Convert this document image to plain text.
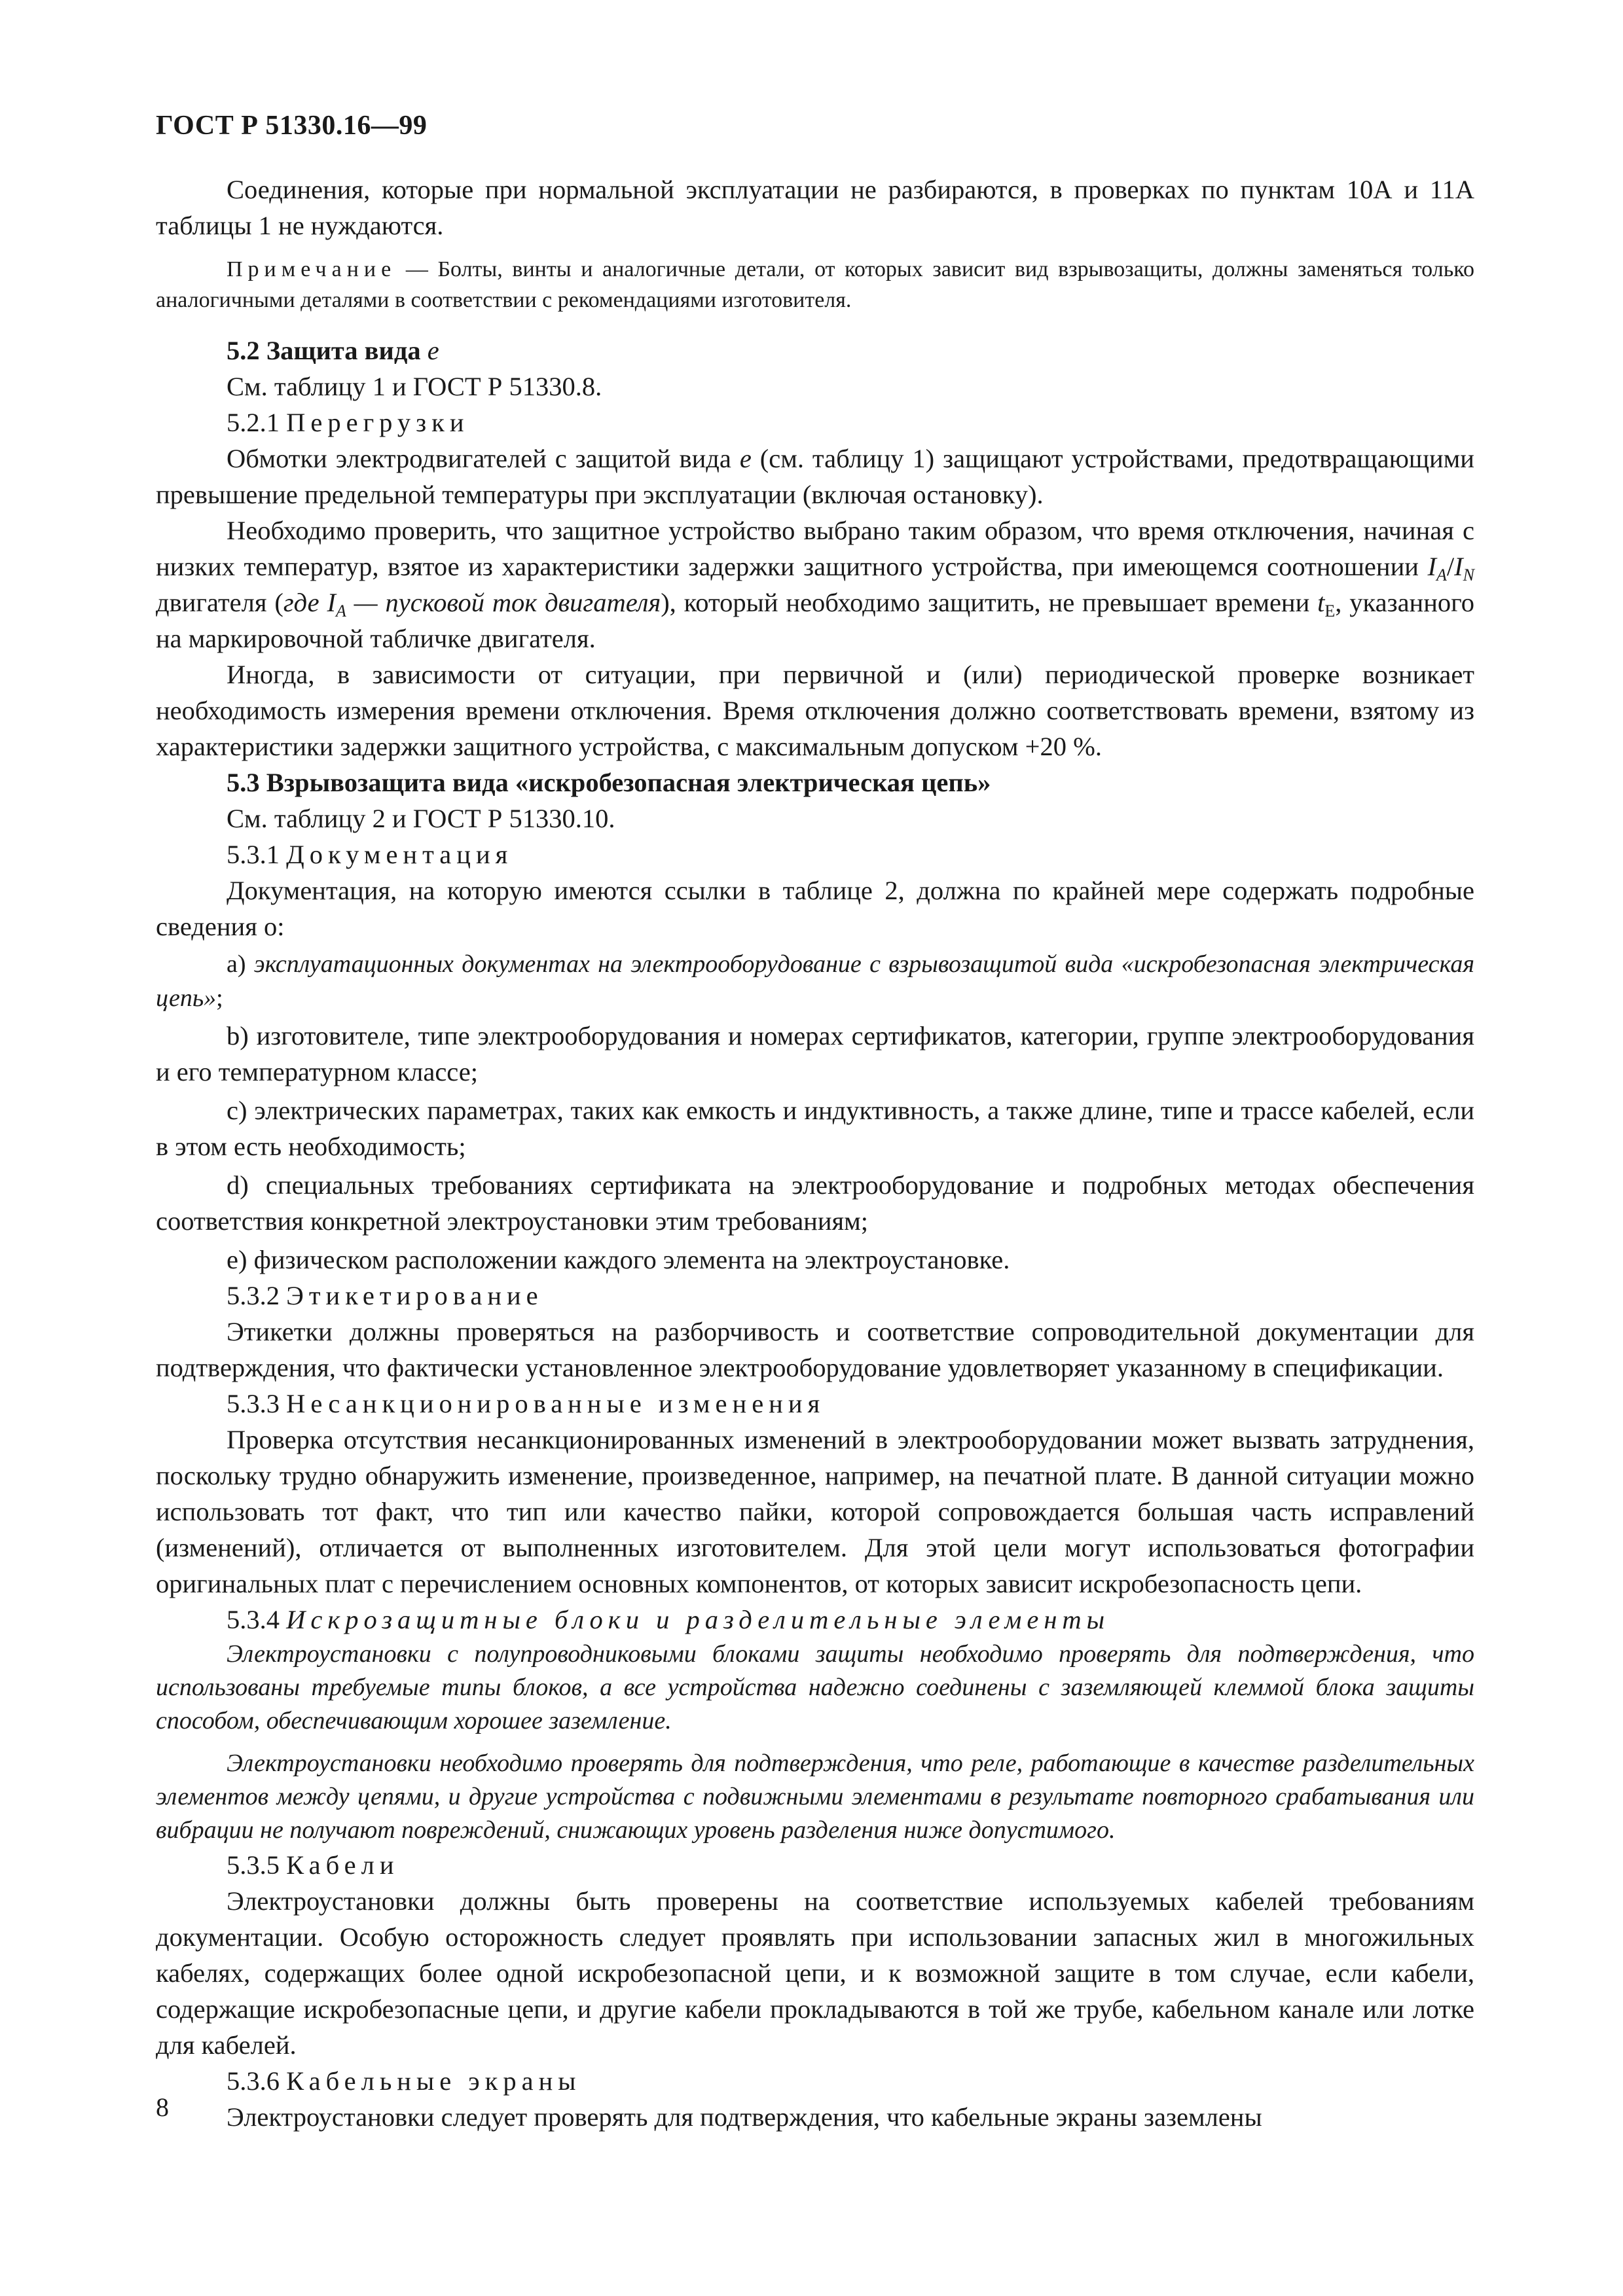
ГОСТ Р 51330.16—99

Соединения, которые при нормальной эксплуатации не разбираются, в проверках по пунктам 10А и 11А таблицы 1 не нуждаются.

Примечание — Болты, винты и аналогичные детали, от которых зависит вид взрывозащиты, должны заменяться только аналогичными деталями в соответствии с рекомендациями изготовителя.

5.2 Защита вида е

См. таблицу 1 и ГОСТ Р 51330.8.

5.2.1 Перегрузки

Обмотки электродвигателей с защитой вида е (см. таблицу 1) защищают устройствами, предотвращающими превышение предельной температуры при эксплуатации (включая остановку).

Необходимо проверить, что защитное устройство выбрано таким образом, что время отключения, начиная с низких температур, взятое из характеристики задержки защитного устройства, при имеющемся соотношении $I_A/I_N$ двигателя (где $I_A$ — пусковой ток двигателя), который необходимо защитить, не превышает времени $t_E$, указанного на маркировочной табличке двигателя.

Иногда, в зависимости от ситуации, при первичной и (или) периодической проверке возникает необходимость измерения времени отключения. Время отключения должно соответствовать времени, взятому из характеристики задержки защитного устройства, с максимальным допуском +20 %.

5.3 Взрывозащита вида «искробезопасная электрическая цепь»

См. таблицу 2 и ГОСТ Р 51330.10.

5.3.1 Документация

Документация, на которую имеются ссылки в таблице 2, должна по крайней мере содержать подробные сведения о:

а) эксплуатационных документах на электрооборудование с взрывозащитой вида «искробезопасная электрическая цепь»;

b) изготовителе, типе электрооборудования и номерах сертификатов, категории, группе электрооборудования и его температурном классе;

с) электрических параметрах, таких как емкость и индуктивность, а также длине, типе и трассе кабелей, если в этом есть необходимость;

d) специальных требованиях сертификата на электрооборудование и подробных методах обеспечения соответствия конкретной электроустановки этим требованиям;

е) физическом расположении каждого элемента на электроустановке.

5.3.2 Этикетирование

Этикетки должны проверяться на разборчивость и соответствие сопроводительной документации для подтверждения, что фактически установленное электрооборудование удовлетворяет указанному в спецификации.

5.3.3 Несанкционированные изменения

Проверка отсутствия несанкционированных изменений в электрооборудовании может вызвать затруднения, поскольку трудно обнаружить изменение, произведенное, например, на печатной плате. В данной ситуации можно использовать тот факт, что тип или качество пайки, которой сопровождается большая часть исправлений (изменений), отличается от выполненных изготовителем. Для этой цели могут использоваться фотографии оригинальных плат с перечислением основных компонентов, от которых зависит искробезопасность цепи.

5.3.4 Искрозащитные блоки и разделительные элементы

Электроустановки с полупроводниковыми блоками защиты необходимо проверять для подтверждения, что использованы требуемые типы блоков, а все устройства надежно соединены с заземляющей клеммой блока защиты способом, обеспечивающим хорошее заземление.

Электроустановки необходимо проверять для подтверждения, что реле, работающие в качестве разделительных элементов между цепями, и другие устройства с подвижными элементами в результате повторного срабатывания или вибрации не получают повреждений, снижающих уровень разделения ниже допустимого.

5.3.5 Кабели

Электроустановки должны быть проверены на соответствие используемых кабелей требованиям документации. Особую осторожность следует проявлять при использовании запасных жил в многожильных кабелях, содержащих более одной искробезопасной цепи, и к возможной защите в том случае, если кабели, содержащие искробезопасные цепи, и другие кабели прокладываются в той же трубе, кабельном канале или лотке для кабелей.

5.3.6 Кабельные экраны

Электроустановки следует проверять для подтверждения, что кабельные экраны заземлены

8
